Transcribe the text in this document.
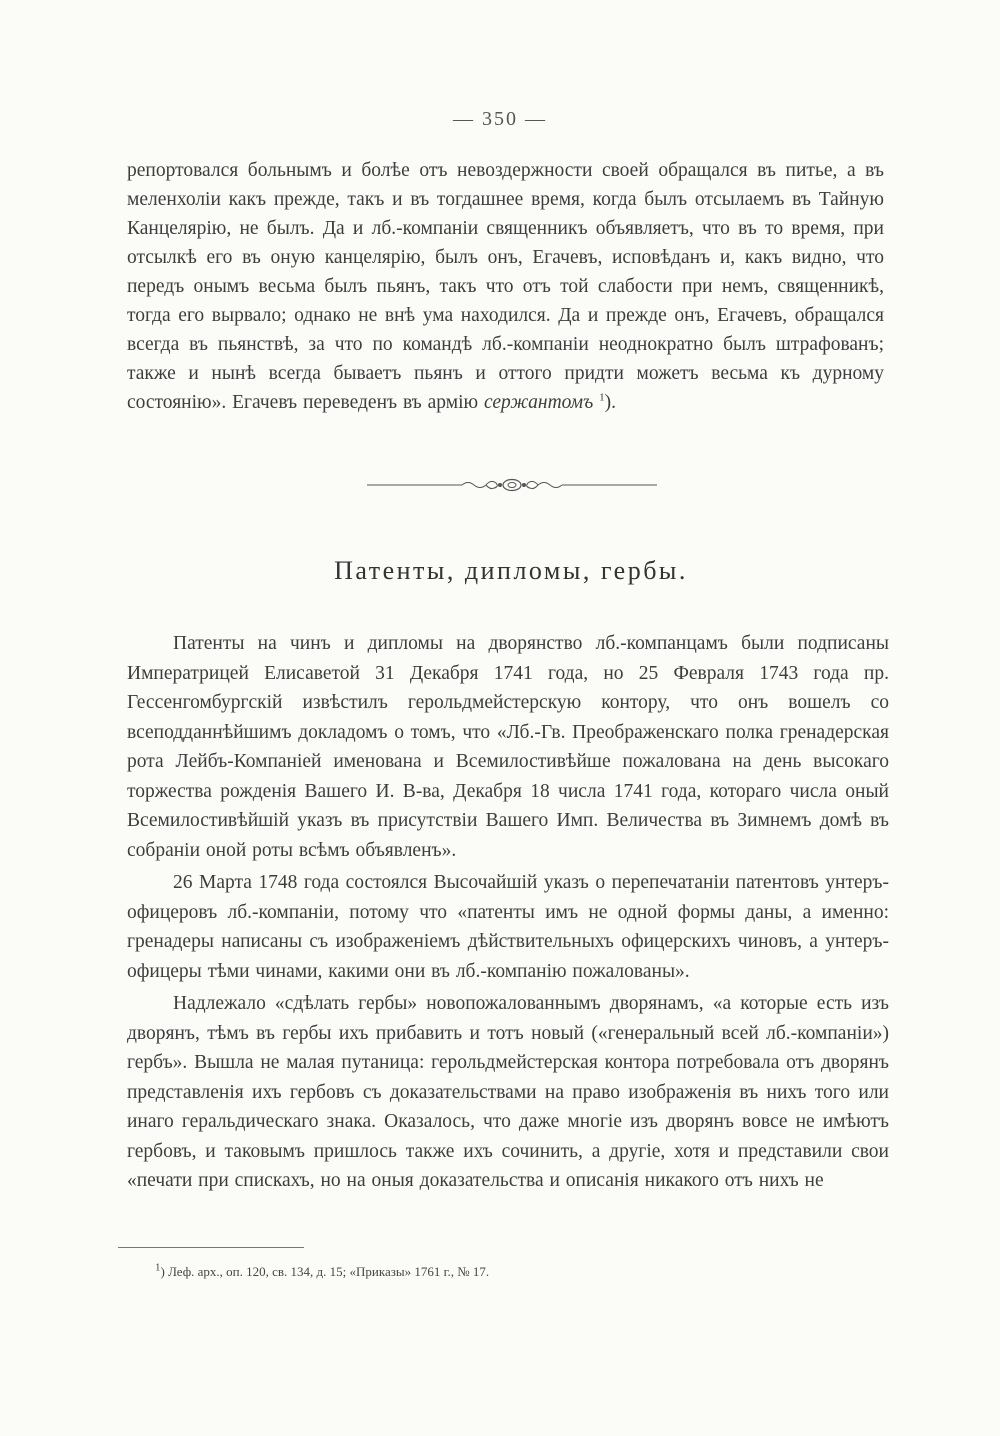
— 350 —

репортовался больнымъ и болѣе отъ невоздержности своей обращался въ питье, а въ меленхоліи какъ прежде, такъ и въ тогдашнее время, когда былъ отсылаемъ въ Тайную Канцелярію, не былъ. Да и лб.-компаніи священникъ объявляетъ, что въ то время, при отсылкѣ его въ оную канцелярію, былъ онъ, Егачевъ, исповѣданъ и, какъ видно, что передъ онымъ весьма былъ пьянъ, такъ что отъ той слабости при немъ, священникѣ, тогда его вырвало; однако не внѣ ума находился. Да и прежде онъ, Егачевъ, обращался всегда въ пьянствѣ, за что по командѣ лб.-компаніи неоднократно былъ штрафованъ; также и нынѣ всегда бываетъ пьянъ и оттого придти можетъ весьма къ дурному состоянію». Егачевъ переведенъ въ армію сержантомъ $^1$).

Патенты, дипломы, гербы.

Патенты на чинъ и дипломы на дворянство лб.-компанцамъ были подписаны Императрицей Елисаветой 31 Декабря 1741 года, но 25 Февраля 1743 года пр. Гессенгомбургскій извѣстилъ герольдмейстерскую контору, что онъ вошелъ со всеподданнѣйшимъ докладомъ о томъ, что «Лб.-Гв. Преображенскаго полка гренадерская рота Лейбъ-Компаніей именована и Всемилостивѣйше пожалована на день высокаго торжества рожденія Вашего И. В-ва, Декабря 18 числа 1741 года, котораго числа оный Всемилостивѣйшій указъ въ присутствіи Вашего Имп. Величества въ Зимнемъ домѣ въ собраніи оной роты всѣмъ объявленъ».

26 Марта 1748 года состоялся Высочайшій указъ о перепечатаніи патентовъ унтеръ-офицеровъ лб.-компаніи, потому что «патенты имъ не одной формы даны, а именно: гренадеры написаны съ изображеніемъ дѣйствительныхъ офицерскихъ чиновъ, а унтеръ-офицеры тѣми чинами, какими они въ лб.-компанію пожалованы».

Надлежало «сдѣлать гербы» новопожалованнымъ дворянамъ, «а которые есть изъ дворянъ, тѣмъ въ гербы ихъ прибавить и тотъ новый («генеральный всей лб.-компаніи») гербъ». Вышла не малая путаница: герольдмейстерская контора потребовала отъ дворянъ представленія ихъ гербовъ съ доказательствами на право изображенія въ нихъ того или инаго геральдическаго знака. Оказалось, что даже многіе изъ дворянъ вовсе не имѣютъ гербовъ, и таковымъ пришлось также ихъ сочинить, а другіе, хотя и представили свои «печати при спискахъ, но на оныя доказательства и описанія никакого отъ нихъ не

$^1$) Леф. арх., оп. 120, св. 134, д. 15; «Приказы» 1761 г., № 17.
